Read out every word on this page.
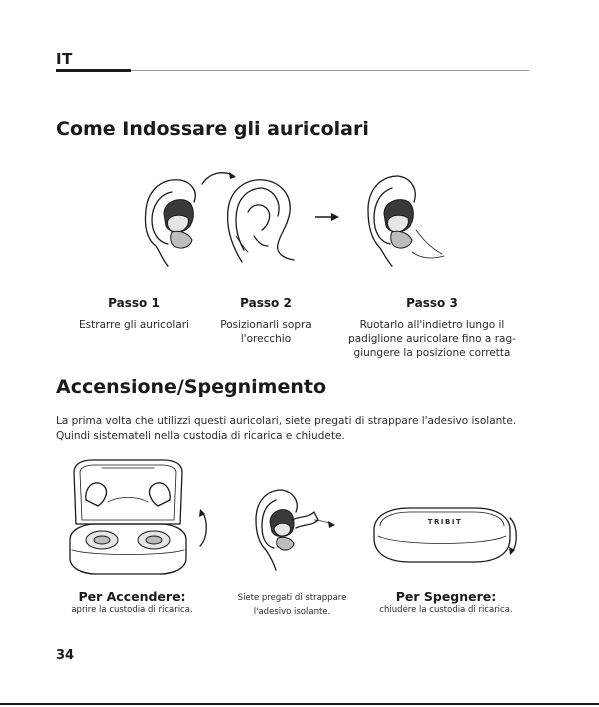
IT
Come Indossare gli auricolari
Passo 1
Estrarre gli auricolari
Passo 2
Posizionarli sopra
l'orecchio
Passo 3
Ruotarlo all'indietro lungo il
padiglione auricolare fino a rag-
giungere la posizione corretta
Accensione/Spegnimento
La prima volta che utilizzi questi auricolari, siete pregati di strappare l'adesivo isolante.
Quindi sistemateli nella custodia di ricarica e chiudete.
TRIBIT
Per Accendere:
aprire la custodia di ricarica.
Siete pregati di strappare
l'adesivo isolante.
Per Spegnere:
chiudere la custodia di ricarica.
34
